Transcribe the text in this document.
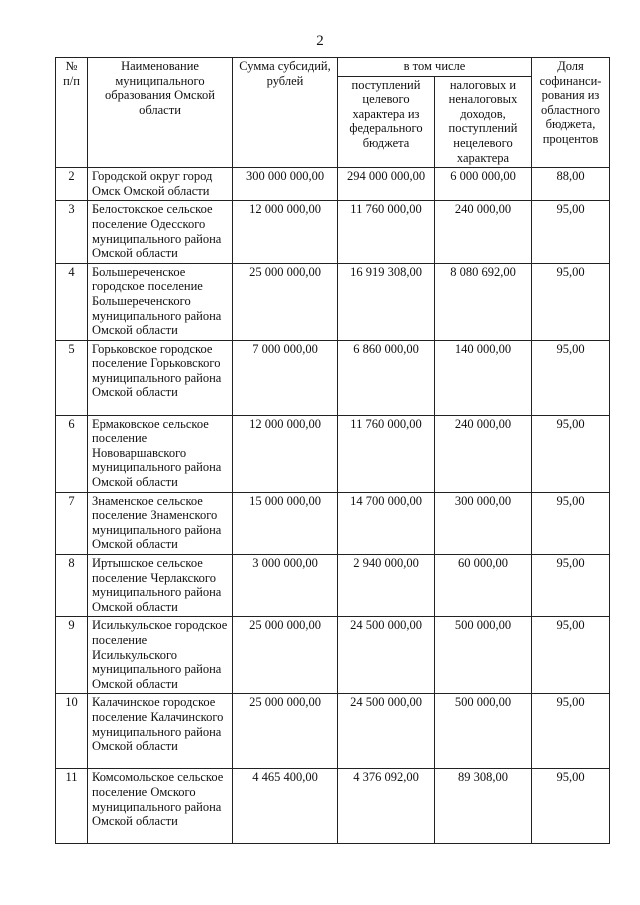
2
№ п/п	Наименование муниципального образования Омской области	Сумма субсидий, рублей	в том числе		Доля софинанси-рования из областного бюджета, процентов
			поступлений целевого характера из федерального бюджета	налоговых и неналоговых доходов, поступлений нецелевого характера	
2	Городской округ город Омск Омской области	300 000 000,00	294 000 000,00	6 000 000,00	88,00
3	Белостокское сельское поселение Одесского муниципального района Омской области	12 000 000,00	11 760 000,00	240 000,00	95,00
4	Большереченское городское поселение Большереченского муниципального района Омской области	25 000 000,00	16 919 308,00	8 080 692,00	95,00
5	Горьковское городское поселение Горьковского муниципального района Омской области	7 000 000,00	6 860 000,00	140 000,00	95,00
6	Ермаковское сельское поселение Нововаршавского муниципального района Омской области	12 000 000,00	11 760 000,00	240 000,00	95,00
7	Знаменское сельское поселение Знаменского муниципального района Омской области	15 000 000,00	14 700 000,00	300 000,00	95,00
8	Иртышское сельское поселение Черлакского муниципального района Омской области	3 000 000,00	2 940 000,00	60 000,00	95,00
9	Исилькульское городское поселение Исилькульского муниципального района Омской области	25 000 000,00	24 500 000,00	500 000,00	95,00
10	Калачинское городское поселение Калачинского муниципального района Омской области	25 000 000,00	24 500 000,00	500 000,00	95,00
11	Комсомольское сельское поселение Омского муниципального района Омской области	4 465 400,00	4 376 092,00	89 308,00	95,00
